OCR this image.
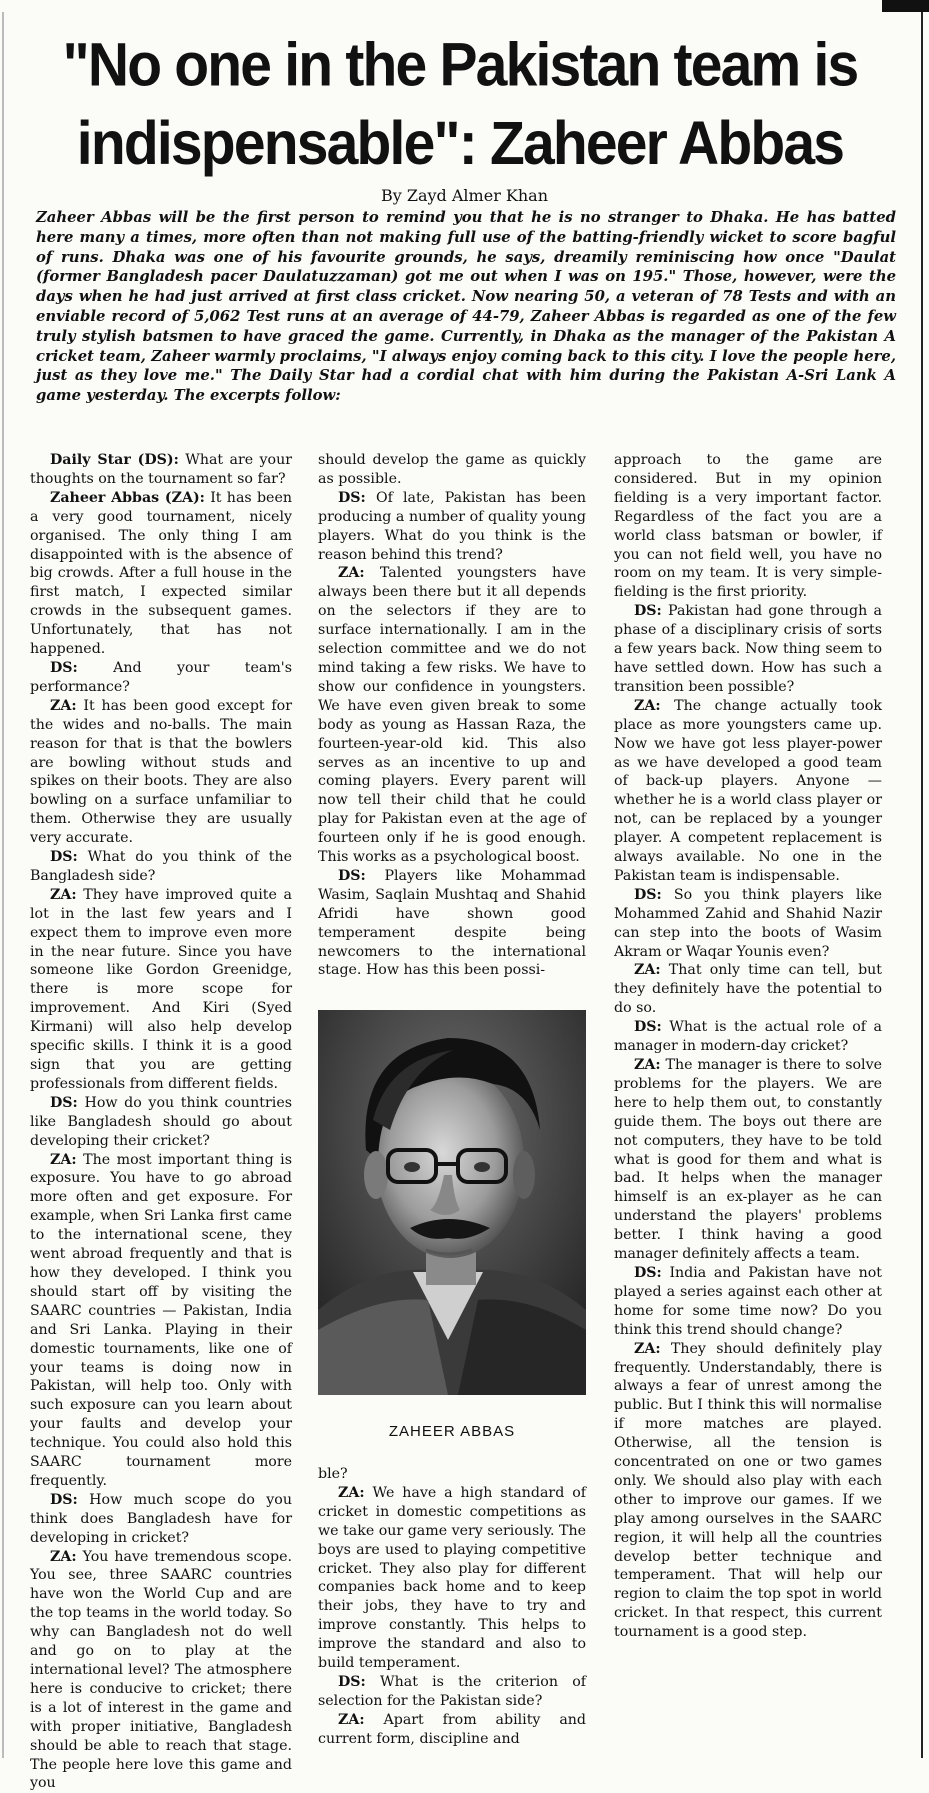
"No one in the Pakistan team is indispensable": Zaheer Abbas
By Zayd Almer Khan
Zaheer Abbas will be the first person to remind you that he is no stranger to Dhaka. He has batted here many a times, more often than not making full use of the batting-friendly wicket to score bagful of runs. Dhaka was one of his favourite grounds, he says, dreamily reminiscing how once "Daulat (former Bangladesh pacer Daulatuzzaman) got me out when I was on 195." Those, however, were the days when he had just arrived at first class cricket. Now nearing 50, a veteran of 78 Tests and with an enviable record of 5,062 Test runs at an average of 44-79, Zaheer Abbas is regarded as one of the few truly stylish batsmen to have graced the game. Currently, in Dhaka as the manager of the Pakistan A cricket team, Zaheer warmly proclaims, "I always enjoy coming back to this city. I love the people here, just as they love me." The Daily Star had a cordial chat with him during the Pakistan A-Sri Lank A game yesterday. The excerpts follow:

Daily Star (DS): What are your thoughts on the tournament so far?

Zaheer Abbas (ZA): It has been a very good tournament, nicely organised. The only thing I am disappointed with is the absence of big crowds. After a full house in the first match, I expected similar crowds in the subsequent games. Unfortunately, that has not happened.

DS: And your team's performance?

ZA: It has been good except for the wides and no-balls. The main reason for that is that the bowlers are bowling without studs and spikes on their boots. They are also bowling on a surface unfamiliar to them. Otherwise they are usually very accurate.

DS: What do you think of the Bangladesh side?

ZA: They have improved quite a lot in the last few years and I expect them to improve even more in the near future. Since you have someone like Gordon Greenidge, there is more scope for improvement. And Kiri (Syed Kirmani) will also help develop specific skills. I think it is a good sign that you are getting professionals from different fields.

DS: How do you think countries like Bangladesh should go about developing their cricket?

ZA: The most important thing is exposure. You have to go abroad more often and get exposure. For example, when Sri Lanka first came to the international scene, they went abroad frequently and that is how they developed. I think you should start off by visiting the SAARC countries — Pakistan, India and Sri Lanka. Playing in their domestic tournaments, like one of your teams is doing now in Pakistan, will help too. Only with such exposure can you learn about your faults and develop your technique. You could also hold this SAARC tournament more frequently.

DS: How much scope do you think does Bangladesh have for developing in cricket?

ZA: You have tremendous scope. You see, three SAARC countries have won the World Cup and are the top teams in the world today. So why can Bangladesh not do well and go on to play at the international level? The atmosphere here is conducive to cricket; there is a lot of interest in the game and with proper initiative, Bangladesh should be able to reach that stage. The people here love this game and you

should develop the game as quickly as possible.

DS: Of late, Pakistan has been producing a number of quality young players. What do you think is the reason behind this trend?

ZA: Talented youngsters have always been there but it all depends on the selectors if they are to surface internationally. I am in the selection committee and we do not mind taking a few risks. We have to show our confidence in youngsters. We have even given break to some body as young as Hassan Raza, the fourteen-year-old kid. This also serves as an incentive to up and coming players. Every parent will now tell their child that he could play for Pakistan even at the age of fourteen only if he is good enough. This works as a psychological boost.

DS: Players like Mohammad Wasim, Saqlain Mushtaq and Shahid Afridi have shown good temperament despite being newcomers to the international stage. How has this been possi-

ZAHEER ABBAS

ble?

ZA: We have a high standard of cricket in domestic competitions as we take our game very seriously. The boys are used to playing competitive cricket. They also play for different companies back home and to keep their jobs, they have to try and improve constantly. This helps to improve the standard and also to build temperament.

DS: What is the criterion of selection for the Pakistan side?

ZA: Apart from ability and current form, discipline and

approach to the game are considered. But in my opinion fielding is a very important factor. Regardless of the fact you are a world class batsman or bowler, if you can not field well, you have no room on my team. It is very simple-fielding is the first priority.

DS: Pakistan had gone through a phase of a disciplinary crisis of sorts a few years back. Now thing seem to have settled down. How has such a transition been possible?

ZA: The change actually took place as more youngsters came up. Now we have got less player-power as we have developed a good team of back-up players. Anyone — whether he is a world class player or not, can be replaced by a younger player. A competent replacement is always available. No one in the Pakistan team is indispensable.

DS: So you think players like Mohammed Zahid and Shahid Nazir can step into the boots of Wasim Akram or Waqar Younis even?

ZA: That only time can tell, but they definitely have the potential to do so.

DS: What is the actual role of a manager in modern-day cricket?

ZA: The manager is there to solve problems for the players. We are here to help them out, to constantly guide them. The boys out there are not computers, they have to be told what is good for them and what is bad. It helps when the manager himself is an ex-player as he can understand the players' problems better. I think having a good manager definitely affects a team.

DS: India and Pakistan have not played a series against each other at home for some time now? Do you think this trend should change?

ZA: They should definitely play frequently. Understandably, there is always a fear of unrest among the public. But I think this will normalise if more matches are played. Otherwise, all the tension is concentrated on one or two games only. We should also play with each other to improve our games. If we play among ourselves in the SAARC region, it will help all the countries develop better technique and temperament. That will help our region to claim the top spot in world cricket. In that respect, this current tournament is a good step.
